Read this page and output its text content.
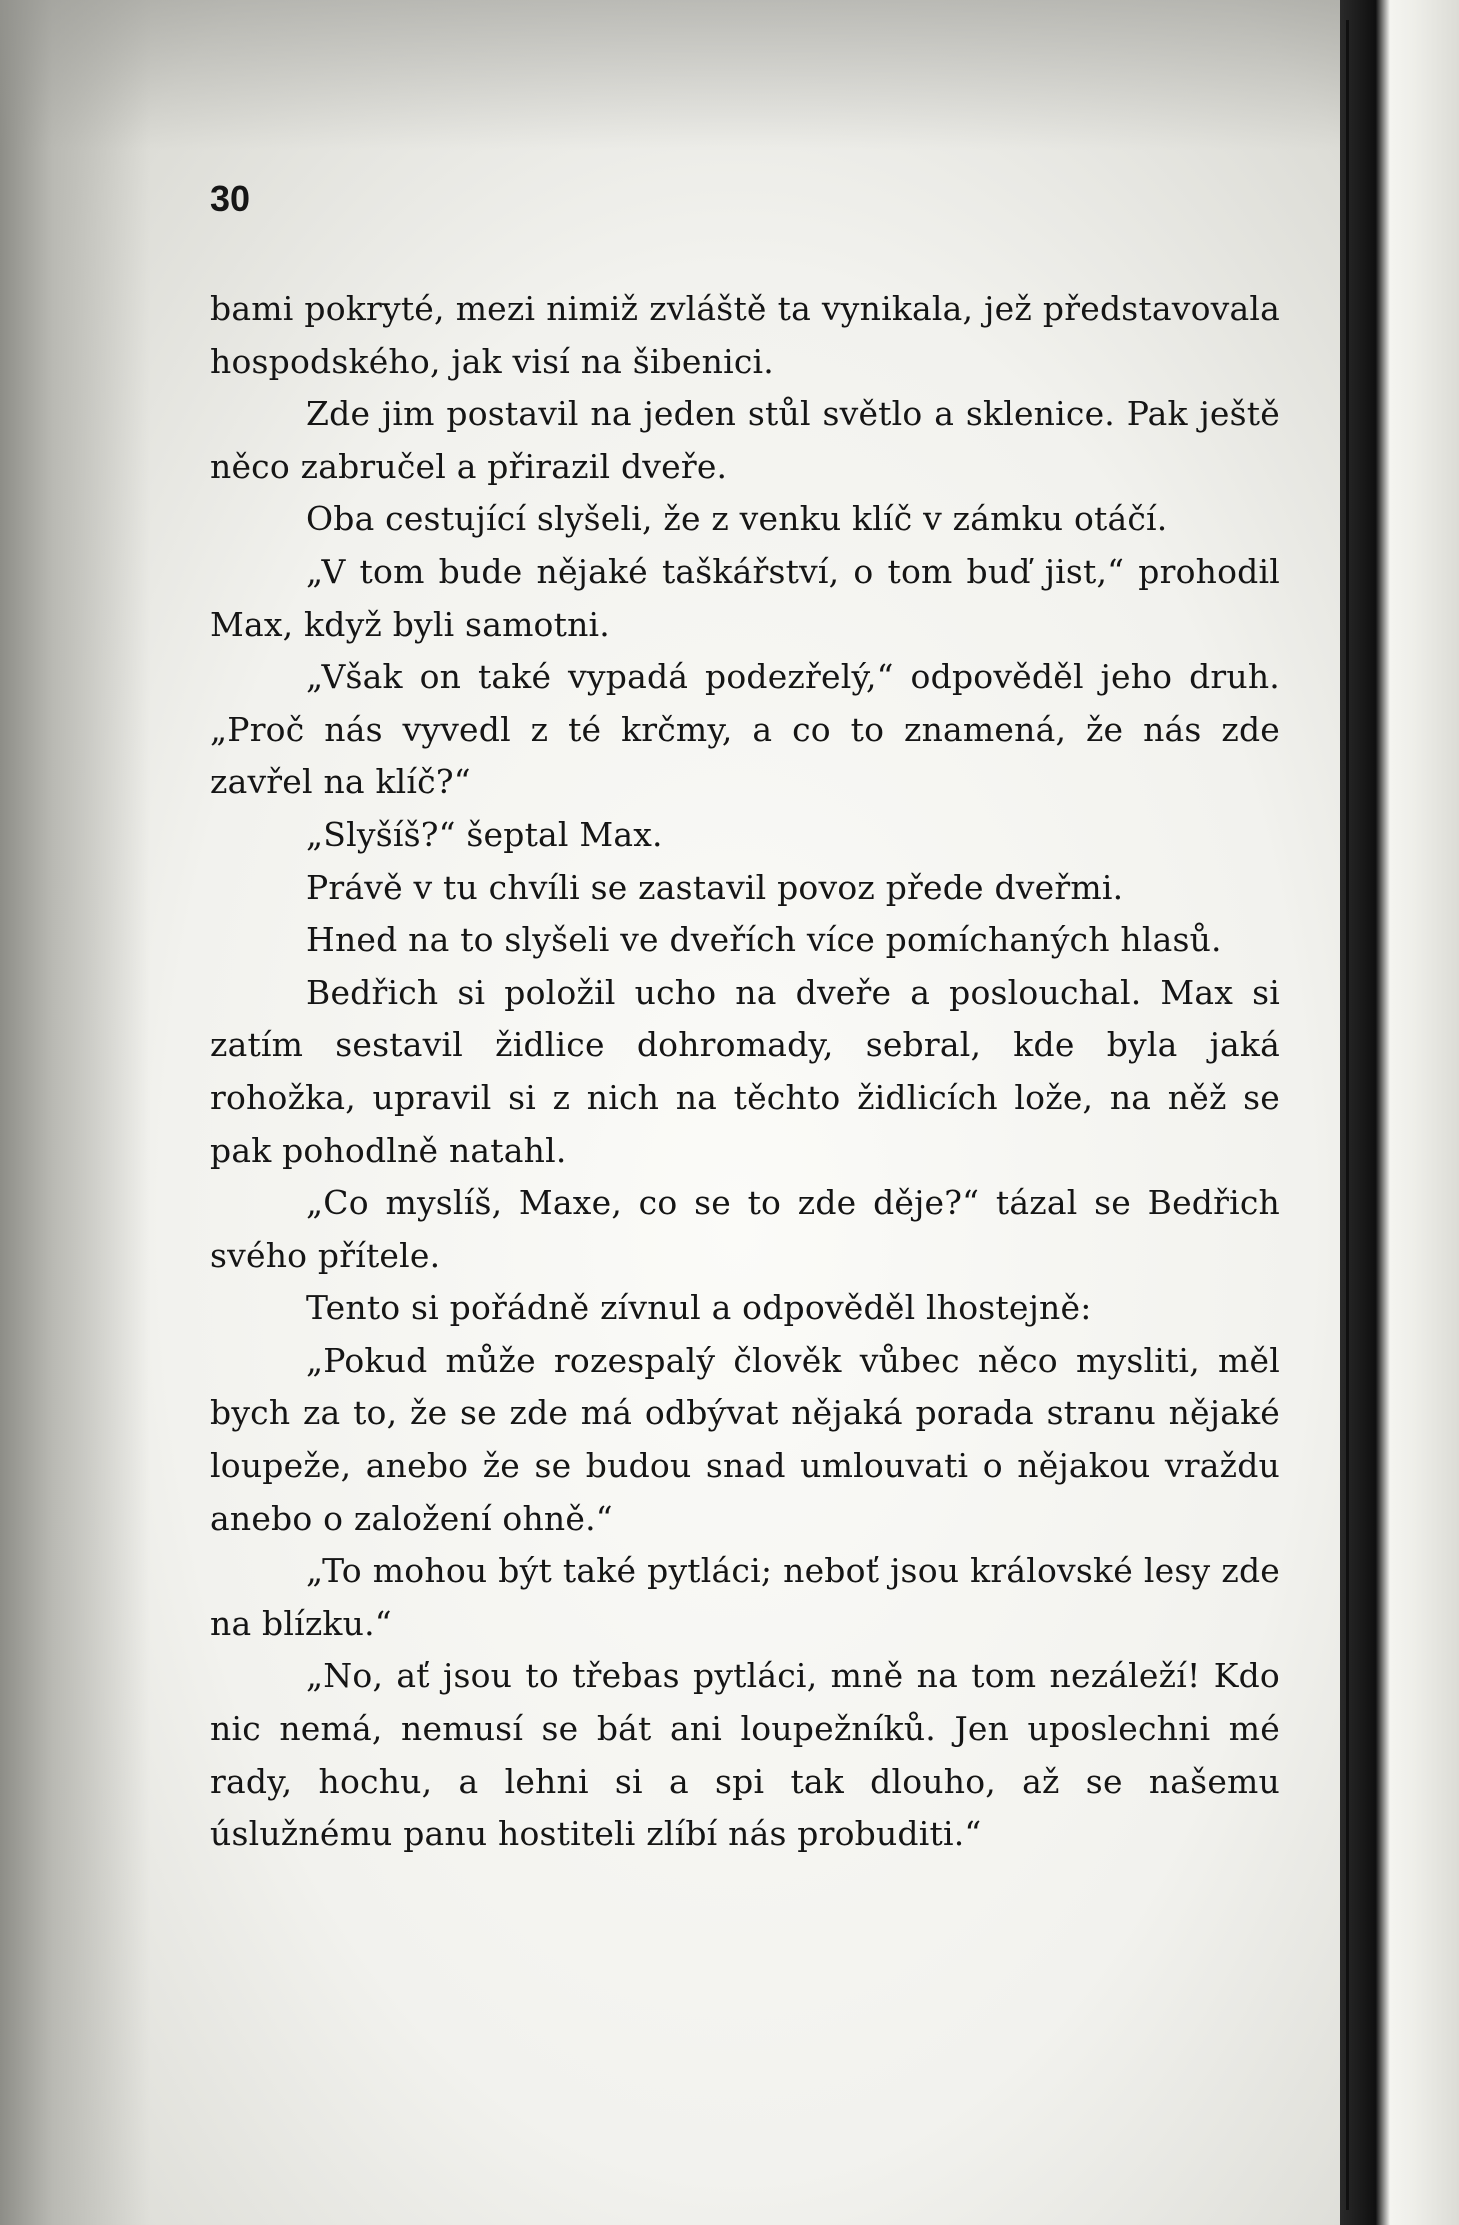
30

bami pokryté, mezi nimiž zvláště ta vynikala, jež představovala hospodského, jak visí na šibenici.

Zde jim postavil na jeden stůl světlo a sklenice. Pak ještě něco zabručel a přirazil dveře.

Oba cestující slyšeli, že z venku klíč v zámku otáčí.

„V tom bude nějaké taškářství, o tom buď jist,“ prohodil Max, když byli samotni.

„Však on také vypadá podezřelý,“ odpověděl jeho druh. „Proč nás vyvedl z té krčmy, a co to znamená, že nás zde zavřel na klíč?“

„Slyšíš?“ šeptal Max.

Právě v tu chvíli se zastavil povoz přede dveřmi.

Hned na to slyšeli ve dveřích více pomíchaných hlasů.

Bedřich si položil ucho na dveře a poslouchal. Max si zatím sestavil židlice dohromady, sebral, kde byla jaká rohožka, upravil si z nich na těchto židlicích lože, na něž se pak pohodlně natahl.

„Co myslíš, Maxe, co se to zde děje?“ tázal se Bedřich svého přítele.

Tento si pořádně zívnul a odpověděl lhostejně:

„Pokud může rozespalý člověk vůbec něco mysliti, měl bych za to, že se zde má odbývat nějaká porada stranu nějaké loupeže, anebo že se budou snad umlouvati o nějakou vraždu anebo o založení ohně.“

„To mohou být také pytláci; neboť jsou královské lesy zde na blízku.“

„No, ať jsou to třebas pytláci, mně na tom nezáleží! Kdo nic nemá, nemusí se bát ani loupežníků. Jen uposlechni mé rady, hochu, a lehni si a spi tak dlouho, až se našemu úslužnému panu hostiteli zlíbí nás probuditi.“
